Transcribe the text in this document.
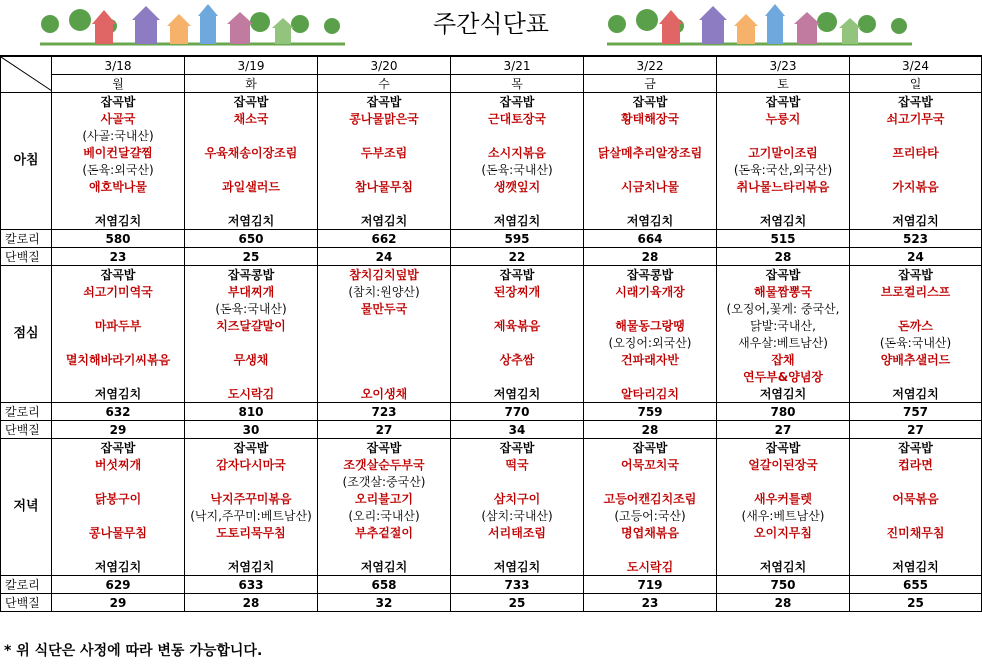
주간식단표
	3/18	3/19	3/20	3/21	3/22	3/23	3/24
	월	화	수	목	금	토	일
아침	잡곡밥	잡곡밥	잡곡밥	잡곡밥	잡곡밥	잡곡밥	잡곡밥
	사골국	채소국	콩나물맑은국	근대토장국	황태해장국	누룽지	쇠고기무국
	(사골:국내산)						
	베이컨달걀찜	우육채송이장조림	두부조림	소시지볶음	닭살메추리알장조림	고기말이조림	프리타타
	(돈육:외국산)			(돈육:국내산)		(돈육:국산,외국산)	
	애호박나물	과일샐러드	참나물무침	생깻잎지	시금치나물	취나물느타리볶음	가지볶음

	저염김치	저염김치	저염김치	저염김치	저염김치	저염김치	저염김치
칼로리	580	650	662	595	664	515	523
단백질	23	25	24	22	28	28	24
점심	잡곡밥	잡곡콩밥	참치김치덮밥	잡곡밥	잡곡콩밥	잡곡밥	잡곡밥
	쇠고기미역국	부대찌개	(참치:원양산)	된장찌개	시래기육개장	해물짬뽕국	브로컬리스프
		(돈육:국내산)	물만두국			(오징어,꽃게: 중국산,	
	마파두부	치즈달걀말이		제육볶음	해물동그랑땡	닭발:국내산,	돈까스
					(오징어:외국산)	새우살:베트남산)	(돈육:국내산)
	멸치해바라기씨볶음	무생채		상추쌈	건파래자반	잡채	양배추샐러드
						연두부&양념장	
	저염김치	도시락김	오이생채	저염김치	알타리김치	저염김치	저염김치
칼로리	632	810	723	770	759	780	757
단백질	29	30	27	34	28	27	27
저녁	잡곡밥	잡곡밥	잡곡밥	잡곡밥	잡곡밥	잡곡밥	잡곡밥
	버섯찌개	감자다시마국	조갯살순두부국	떡국	어묵꼬치국	얼갈이된장국	컵라면
			(조갯살:중국산)				
	닭봉구이	낙지주꾸미볶음	오리불고기	삼치구이	고등어캔김치조림	새우커틀렛	어묵볶음
		(낙지,주꾸미:베트남산)	(오리:국내산)	(삼치:국내산)	(고등어:국산)	(새우:베트남산)	
	콩나물무침	도토리묵무침	부추겉절이	서리태조림	명엽채볶음	오이지무침	진미채무침

	저염김치	저염김치	저염김치	저염김치	도시락김	저염김치	저염김치
칼로리	629	633	658	733	719	750	655
단백질	29	28	32	25	23	28	25
* 위 식단은 사정에 따라 변동 가능합니다.
